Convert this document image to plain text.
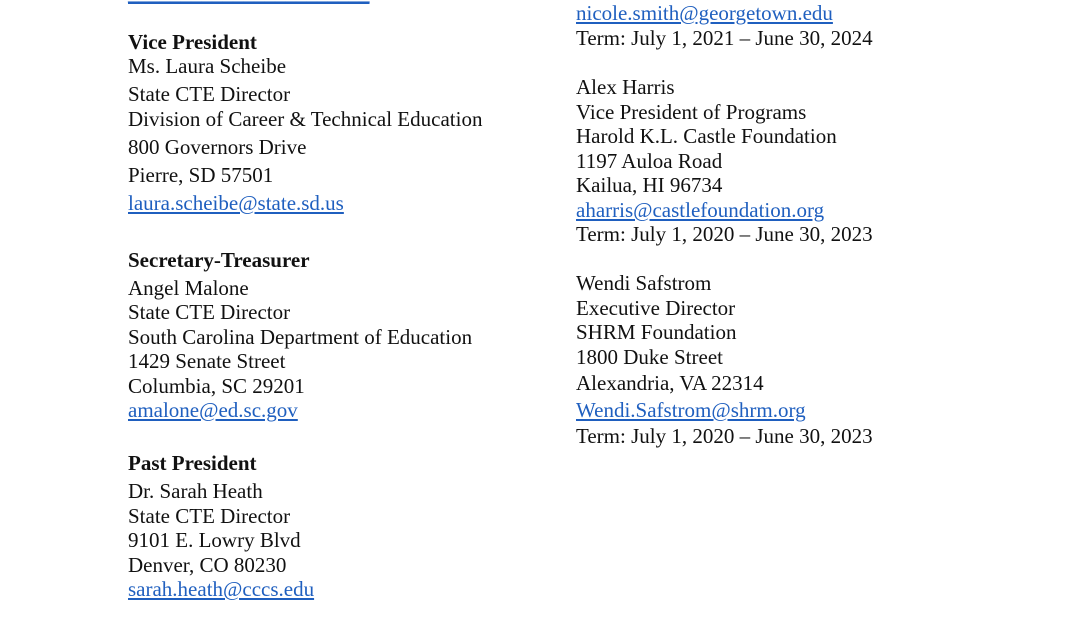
Vice President
Ms. Laura Scheibe
State CTE Director
Division of Career & Technical Education
800 Governors Drive
Pierre, SD 57501
laura.scheibe@state.sd.us
Secretary-Treasurer
Angel Malone
State CTE Director
South Carolina Department of Education
1429 Senate Street
Columbia, SC 29201
amalone@ed.sc.gov
Past President
Dr. Sarah Heath
State CTE Director
9101 E. Lowry Blvd
Denver, CO 80230
sarah.heath@cccs.edu
nicole.smith@georgetown.edu
Term: July 1, 2021 – June 30, 2024
Alex Harris
Vice President of Programs
Harold K.L. Castle Foundation
1197 Auloa Road
Kailua, HI 96734
aharris@castlefoundation.org
Term: July 1, 2020 – June 30, 2023
Wendi Safstrom
Executive Director
SHRM Foundation
1800 Duke Street
Alexandria, VA 22314
Wendi.Safstrom@shrm.org
Term: July 1, 2020 – June 30, 2023
